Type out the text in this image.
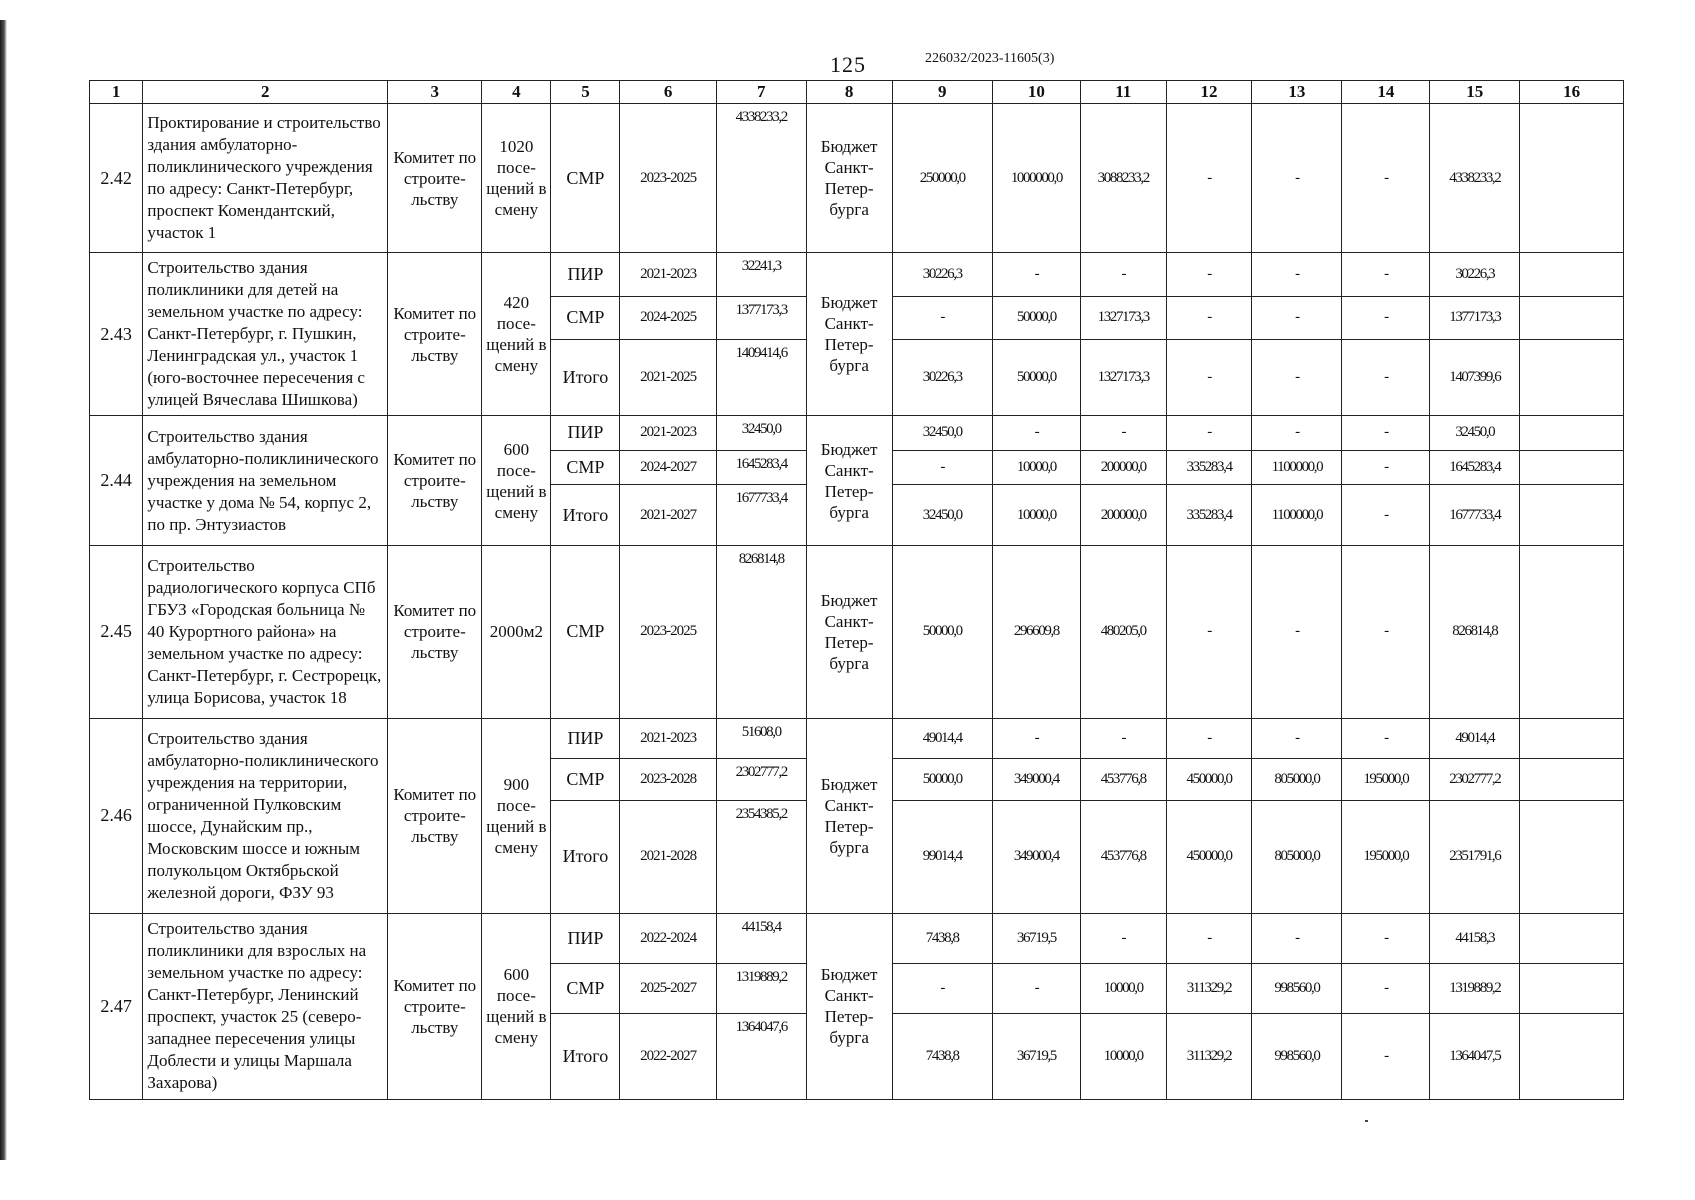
125	226032/2023-11605(3)
1	2	3	4	5	6	7	8	9	10	11	12	13	14	15	16
2.42	Проктирование и строительство здания амбулаторно-поликлинического учреждения по адресу: Санкт-Петербург, проспект Комендантский, участок 1	Комитет по строите-льству	1020 посе-щений в смену	СМР	2023-2025	4338233,2	Бюджет Санкт-Петер-бурга	250000,0	1000000,0	3088233,2	-	-	-	4338233,2	
2.43	Строительство здания поликлиники для детей на земельном участке по адресу: Санкт-Петербург, г. Пушкин, Ленинградская ул., участок 1 (юго-восточнее пересечения с улицей Вячеслава Шишкова)	Комитет по строите-льству	420 посе-щений в смену	ПИР	2021-2023	32241,3	Бюджет Санкт-Петер-бурга	30226,3	-	-	-	-	-	30226,3	
				СМР	2024-2025	1377173,3		-	50000,0	1327173,3	-	-	-	1377173,3	
				Итого	2021-2025	1409414,6		30226,3	50000,0	1327173,3	-	-	-	1407399,6	
2.44	Строительство здания амбулаторно-поликлинического учреждения на земельном участке у дома № 54, корпус 2, по пр. Энтузиастов	Комитет по строите-льству	600 посе-щений в смену	ПИР	2021-2023	32450,0	Бюджет Санкт-Петер-бурга	32450,0	-	-	-	-	-	32450,0	
				СМР	2024-2027	1645283,4		-	10000,0	200000,0	335283,4	1100000,0	-	1645283,4	
				Итого	2021-2027	1677733,4		32450,0	10000,0	200000,0	335283,4	1100000,0	-	1677733,4	
2.45	Строительство радиологического корпуса СПб ГБУЗ «Городская больница № 40 Курортного района» на земельном участке по адресу: Санкт-Петербург, г. Сестрорецк, улица Борисова, участок 18	Комитет по строите-льству	2000м2	СМР	2023-2025	826814,8	Бюджет Санкт-Петер-бурга	50000,0	296609,8	480205,0	-	-	-	826814,8	
2.46	Строительство здания амбулаторно-поликлинического учреждения на территории, ограниченной Пулковским шоссе, Дунайским пр., Московским шоссе и южным полукольцом Октябрьской железной дороги, ФЗУ 93	Комитет по строите-льству	900 посе-щений в смену	ПИР	2021-2023	51608,0	Бюджет Санкт-Петер-бурга	49014,4	-	-	-	-	-	49014,4	
				СМР	2023-2028	2302777,2		50000,0	349000,4	453776,8	450000,0	805000,0	195000,0	2302777,2	
				Итого	2021-2028	2354385,2		99014,4	349000,4	453776,8	450000,0	805000,0	195000,0	2351791,6	
2.47	Строительство здания поликлиники для взрослых на земельном участке по адресу: Санкт-Петербург, Ленинский проспект, участок 25 (северо-западнее пересечения улицы Доблести и улицы Маршала Захарова)	Комитет по строите-льству	600 посе-щений в смену	ПИР	2022-2024	44158,4	Бюджет Санкт-Петер-бурга	7438,8	36719,5	-	-	-	-	44158,3	
				СМР	2025-2027	1319889,2		-	-	10000,0	311329,2	998560,0	-	1319889,2	
				Итого	2022-2027	1364047,6		7438,8	36719,5	10000,0	311329,2	998560,0	-	1364047,5	
